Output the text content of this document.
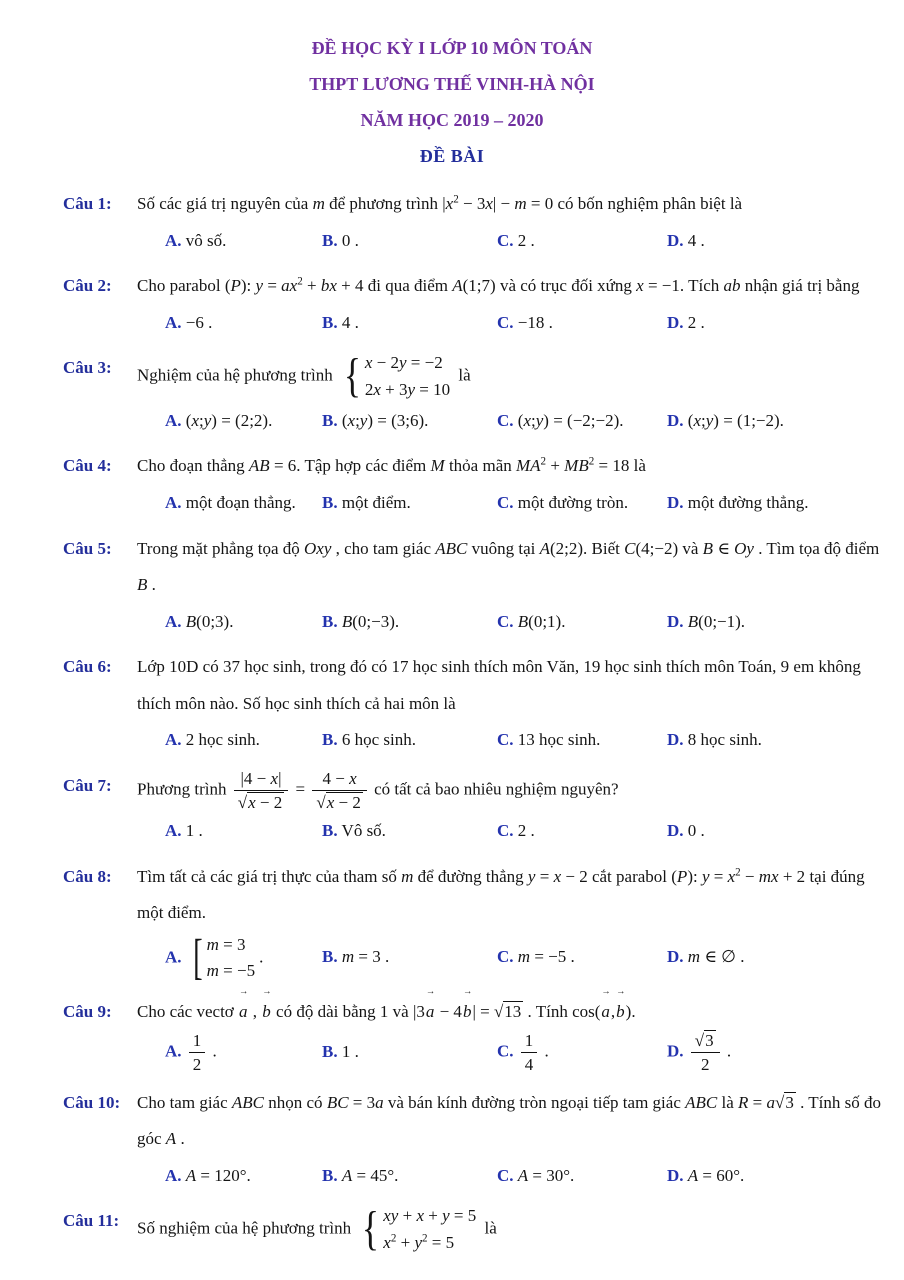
ĐỀ HỌC KỲ I LỚP 10 MÔN TOÁN
THPT LƯƠNG THẾ VINH-HÀ NỘI
NĂM HỌC 2019 – 2020
ĐỀ BÀI
Câu 1: Số các giá trị nguyên của m để phương trình $|x^2 - 3x| - m = 0$ có bốn nghiệm phân biệt là
A. vô số.	B. 0 .	C. 2 .	D. 4 .
Câu 2: Cho parabol (P): $y = ax^2$ + bx + 4 đi qua điểm A(1;7) và có trục đối xứng x = −1. Tích ab nhận giá trị bằng
A. −6 .	B. 4 .	C. −18 .	D. 2 .
Câu 3: Nghiệm của hệ phương trình { x − 2y = −2
2x + 3y = 10
là
A. (x;y) = (2;2).	B. (x;y) = (3;6).	C. (x;y) = (−2;−2).	D. (x;y) = (1;−2).
Câu 4: Cho đoạn thẳng AB = 6. Tập hợp các điểm M thỏa mãn $MA^2 + MB^2 = 18$ là
A. một đoạn thẳng.	B. một điểm.	C. một đường tròn.	D. một đường thẳng.
Câu 5: Trong mặt phẳng tọa độ Oxy , cho tam giác ABC vuông tại A(2;2). Biết C(4;−2) và B ∈ Oy . Tìm tọa độ điểm B .
A. B(0;3).	B. B(0;−3).	C. B(0;1).	D. B(0;−1).
Câu 6: Lớp 10D có 37 học sinh, trong đó có 17 học sinh thích môn Văn, 19 học sinh thích môn Toán, 9 em không thích môn nào. Số học sinh thích cả hai môn là
A. 2 học sinh.	B. 6 học sinh.	C. 13 học sinh.	D. 8 học sinh.
Câu 7: Phương trình $\frac{|4 - x|}{√x - 2} = \frac{4 - x}{√x - 2}$ có tất cả bao nhiêu nghiệm nguyên?
A. 1 .	B. Vô số.	C. 2 .	D. 0 .
Câu 8: Tìm tất cả các giá trị thực của tham số m để đường thẳng y = x − 2 cắt parabol (P): $y = x^2$ − mx + 2 tại đúng một điểm.
A. [ m = 3
m = −5
.	B. m = 3 .	C. m = −5 .	D. m ∈ ∅ .
Câu 9: Cho các vectơ a → , b → có độ dài bằng 1 và |3a → − 4b →| = √13 . Tính cos(a →,b →).
A. $\frac{1}{2}$ .	B. 1 .	C. $\frac{1}{4}$ .	D. $\frac{√3}{2}$ .
Câu 10: Cho tam giác ABC nhọn có BC = 3a và bán kính đường tròn ngoại tiếp tam giác ABC là R = a√3 . Tính số đo góc A .
A. A = 120°.	B. A = 45°.	C. A = 30°.	D. A = 60°.
Câu 11: Số nghiệm của hệ phương trình { xy + x + y = 5
$x^2 + y^2 = 5$
là
